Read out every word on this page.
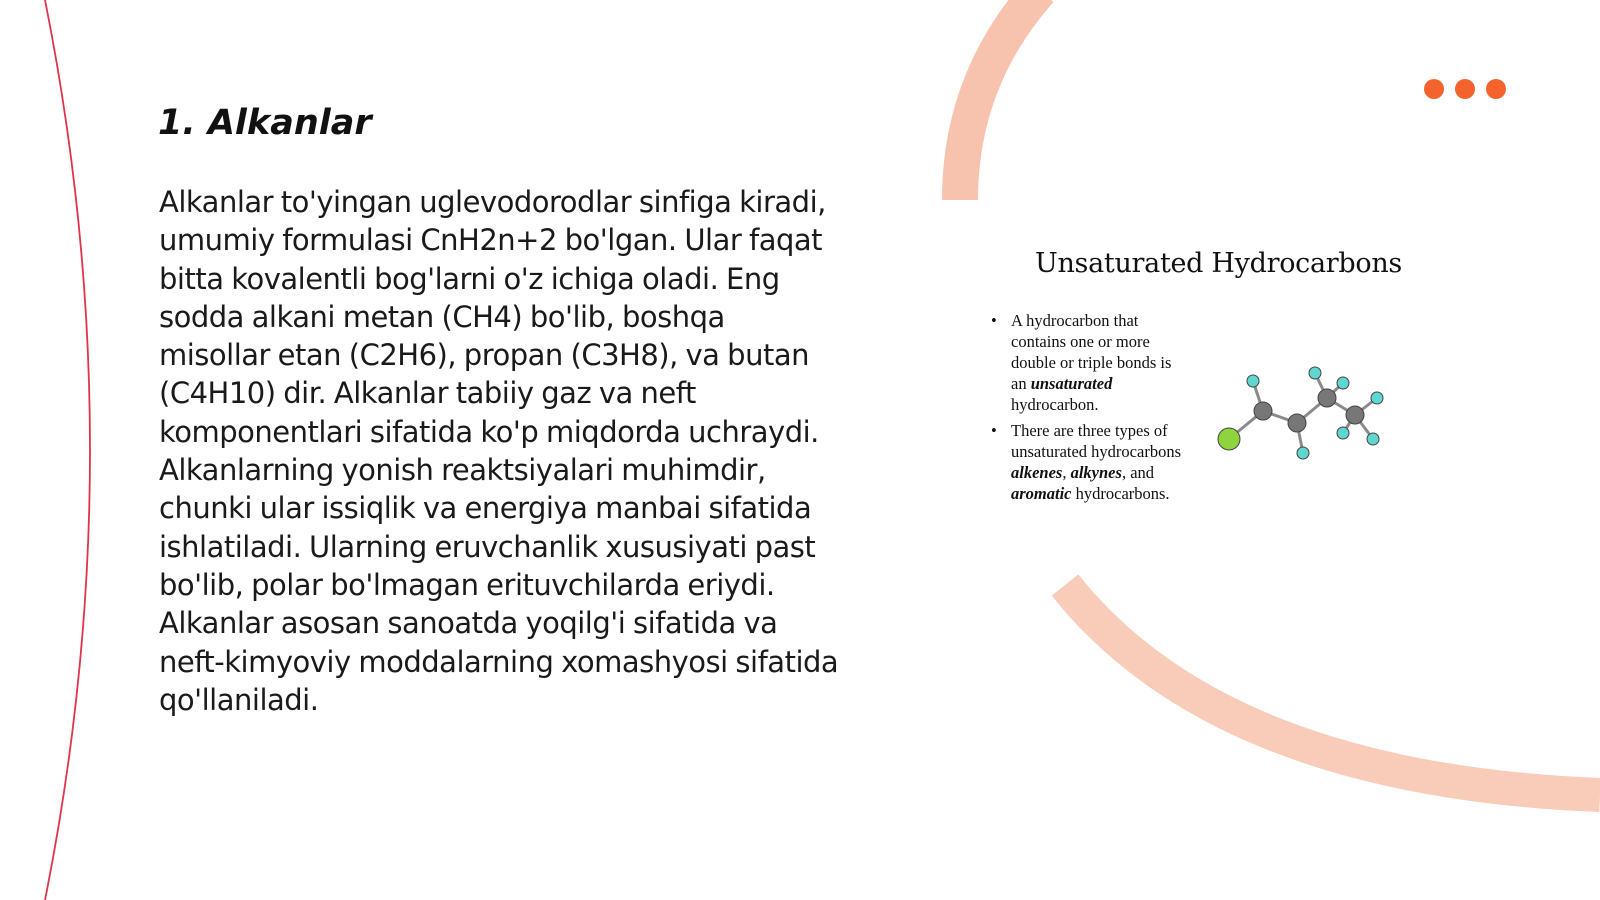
1. Alkanlar

Alkanlar to'yingan uglevodorodlar sinfiga kiradi, umumiy formulasi CnH2n+2 bo'lgan. Ular faqat bitta kovalentli bog'larni o'z ichiga oladi. Eng sodda alkani metan (CH4) bo'lib, boshqa misollar etan (C2H6), propan (C3H8), va butan (C4H10) dir. Alkanlar tabiiy gaz va neft komponentlari sifatida ko'p miqdorda uchraydi. Alkanlarning yonish reaktsiyalari muhimdir, chunki ular issiqlik va energiya manbai sifatida ishlatiladi. Ularning eruvchanlik xususiyati past bo'lib, polar bo'lmagan erituvchilarda eriydi. Alkanlar asosan sanoatda yoqilg'i sifatida va neft-kimyoviy moddalarning xomashyosi sifatida qo'llaniladi.

Unsaturated Hydrocarbons
• A hydrocarbon that contains one or more double or triple bonds is an unsaturated hydrocarbon.
• There are three types of unsaturated hydrocarbons alkenes, alkynes, and aromatic hydrocarbons.
